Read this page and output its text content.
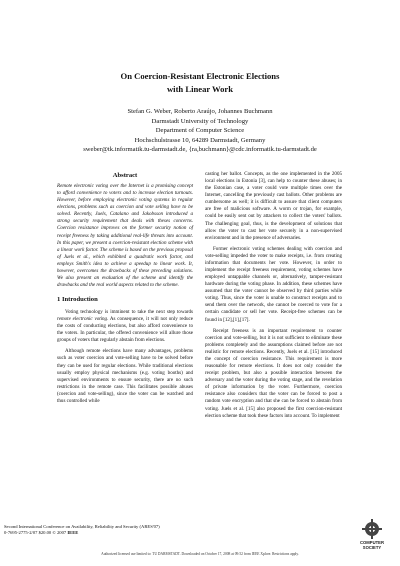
On Coercion-Resistant Electronic Elections
with Linear Work
Stefan G. Weber, Roberto Araújo, Johannes Buchmann
Darmstadt University of Technology
Department of Computer Science
Hochschulstrasse 10, 64289 Darmstadt, Germany
sweber@tk.informatik.tu-darmstadt.de, {ra,buchmann}@cdc.informatik.tu-darmstadt.de
Abstract
Remote electronic voting over the Internet is a promising concept to afford convenience to voters and to increase election turnouts. However, before employing electronic voting systems in regular elections, problems such as coercion and vote selling have to be solved. Recently, Juels, Catalano and Jakobsson introduced a strong security requirement that deals with theses concerns. Coercion resistance improves on the former security notion of receipt freeness by taking additional real-life threats into account. In this paper, we present a coercion-resistant election scheme with a linear work factor. The scheme is based on the previous proposal of Juels et al., which exhibited a quadratic work factor, and employs Smith's idea to achieve a speedup to linear work. It, however, overcomes the drawbacks of these preceding solutions. We also present an evaluation of the scheme and identify the drawbacks and the real world aspects related to the scheme.
1 Introduction

Voting technology is imminent to take the next step towards remote electronic voting. As consequence, it will not only reduce the costs of conducting elections, but also afford convenience to the voters. In particular, the offered convenience will allure those groups of voters that regularly abstain from elections.

Although remote elections have many advantages, problems such as voter coercion and vote-selling have to be solved before they can be used for regular elections. While traditional elections usually employ physical mechanisms (e.g. voting booths) and supervised environments to ensure security, there are no such restrictions in the remote case. This facilitates possible abuses (coercion and vote-selling), since the voter can be watched and thus controlled while

casting her ballot. Concepts, as the one implemented in the 2005 local elections in Estonia [3], can help to counter these abuses; in the Estonian case, a voter could vote multiple times over the Internet, cancelling the previously cast ballots. Other problems are cumbersome as well; it is difficult to assure that client computers are free of malicious software. A worm or trojan, for example, could be easily sent out by attackers to collect the voters' ballots. The challenging goal, thus, is the development of solutions that allow the voter to cast her vote securely in a non-supervised environment and in the presence of adversaries.

Former electronic voting schemes dealing with coercion and vote-selling impeded the voter to make receipts, i.e. from creating information that documents her vote. However, in order to implement the receipt freeness requirement, voting schemes have employed untappable channels or, alternatively, tamper-resistant hardware during the voting phase. In addition, these schemes have assumed that the voter cannot be observed by third parties while voting. Thus, since the voter is unable to construct receipts and to send them over the network, she cannot be coerced to vote for a certain candidate or sell her vote. Receipt-free schemes can be found in [12],[1],[17].

Receipt freeness is an important requirement to counter coercion and vote-selling, but it is not sufficient to eliminate these problems completely and the assumptions claimed before are not realistic for remote elections. Recently, Juels et al. [15] introduced the concept of coercion resistance. This requirement is more reasonable for remote elections. It does not only consider the receipt problem, but also a possible interaction between the adversary and the voter during the voting stage, and the revelation of private information by the voter. Furthermore, coercion resistance also considers that the voter can be forced to post a random vote encryption and that she can be forced to abstain from voting. Juels et al. [15] also proposed the first coercion-resistant election scheme that took these factors into account. To implement

Second International Conference on Availability, Reliability and Security (ARES'07)
0-7695-2775-2/07 $20.00 © 2007 IEEE
COMPUTER
SOCIETY
Authorized licensed use limited to: TU DARMSTADT. Downloaded on October 17, 2008 at 09:52 from IEEE Xplore. Restrictions apply.
